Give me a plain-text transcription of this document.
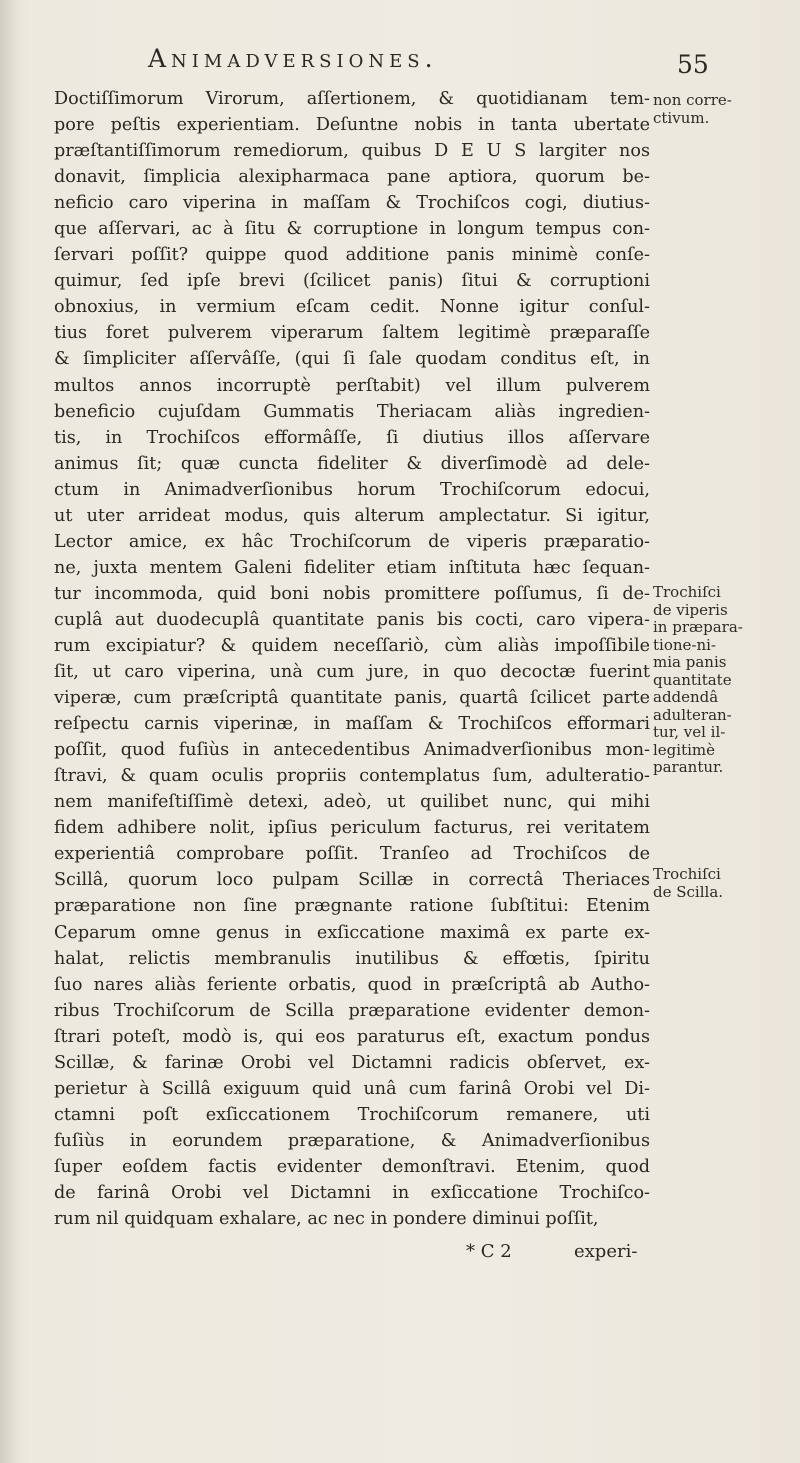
Animadversiones.	55
Doctiſſimorum Virorum, aſſertionem, & quotidianam tem-
pore peſtis experientiam. Deſuntne nobis in tanta ubertate
præſtantiſſimorum remediorum, quibus D E U S largiter nos
donavit, ſimplicia alexipharmaca pane aptiora, quorum be-
neficio caro viperina in maſſam & Trochiſcos cogi, diutius-
que aſſervari, ac à ſitu & corruptione in longum tempus con-
ſervari poſſit? quippe quod additione panis minimè conſe-
quimur, ſed ipſe brevi (ſcilicet panis) ſitui & corruptioni
obnoxius, in vermium eſcam cedit. Nonne igitur conſul-
tius foret pulverem viperarum ſaltem legitimè præparaſſe
& ſimpliciter aſſervâſſe, (qui ſi ſale quodam conditus eſt, in
multos annos incorruptè perſtabit) vel illum pulverem
beneficio cujuſdam Gummatis Theriacam aliàs ingredien-
tis, in Trochiſcos efformâſſe, ſi diutius illos aſſervare
animus ſit; quæ cuncta fideliter & diverſimodè ad dele-
ctum in Animadverſionibus horum Trochiſcorum edocui,
ut uter arrideat modus, quis alterum amplectatur. Si igitur,
Lector amice, ex hâc Trochiſcorum de viperis præparatio-
ne, juxta mentem Galeni fideliter etiam inſtituta hæc ſequan-
tur incommoda, quid boni nobis promittere poſſumus, ſi de-
cuplâ aut duodecuplâ quantitate panis bis cocti, caro vipera-
rum excipiatur? & quidem neceſſariò, cùm aliàs impoſſibile
ſit, ut caro viperina, unà cum jure, in quo decoctæ fuerint
viperæ, cum præſcriptâ quantitate panis, quartâ ſcilicet parte
reſpectu carnis viperinæ, in maſſam & Trochiſcos efformari
poſſit, quod fuſiùs in antecedentibus Animadverſionibus mon-
ſtravi, & quam oculis propriis contemplatus ſum, adulteratio-
nem manifeſtiſſimè detexi, adeò, ut quilibet nunc, qui mihi
fidem adhibere nolit, ipſius periculum facturus, rei veritatem
experientiâ comprobare poſſit. Tranſeo ad Trochiſcos de
Scillâ, quorum loco pulpam Scillæ in correctâ Theriaces
præparatione non ſine prægnante ratione ſubſtitui: Etenim
Ceparum omne genus in exſiccatione maximâ ex parte ex-
halat, relictis membranulis inutilibus & effœtis, ſpiritu
ſuo nares aliàs feriente orbatis, quod in præſcriptâ ab Autho-
ribus Trochiſcorum de Scilla præparatione evidenter demon-
ſtrari poteſt, modò is, qui eos paraturus eſt, exactum pondus
Scillæ, & farinæ Orobi vel Dictamni radicis obſervet, ex-
perietur à Scillâ exiguum quid unâ cum farinâ Orobi vel Di-
ctamni poſt exſiccationem Trochiſcorum remanere, uti
fuſiùs in eorundem præparatione, & Animadverſionibus
ſuper eoſdem factis evidenter demonſtravi. Etenim, quod
de farinâ Orobi vel Dictamni in exſiccatione Trochiſco-
rum nil quidquam exhalare, ac nec in pondere diminui poſſit,
non corre-
ctivum.
Trochiſci
de viperis
in præpara-
tione-ni-
mia panis
quantitate
addendâ
adulteran-
tur, vel il-
legitimè
parantur.
Trochiſci
de Scilla.
* C 2	experi-
